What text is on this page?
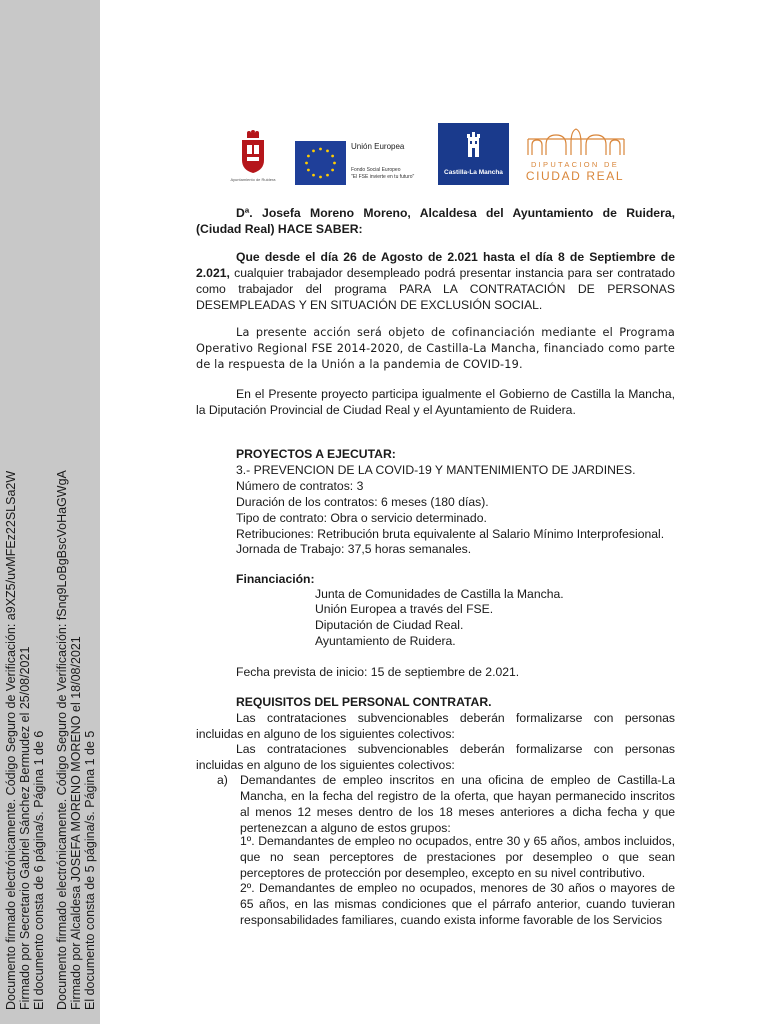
Documento firmado electrónicamente. Código Seguro de Verificación: a9XZ5/uvMFEz22SLSa2W Firmado por Secretario Gabriel Sánchez Bermudez el 25/08/2021 El documento consta de 6 página/s. Página 1 de 6 Documento firmado electrónicamente. Código Seguro de Verificación: fSnq9LoBgBscVoHaGWgA Firmado por Alcaldesa JOSEFA MORENO MORENO el 18/08/2021 El documento consta de 5 página/s. Página 1 de 5
Ayuntamiento de Ruidera
Unión Europea
Fondo Social Europeo
"El FSE invierte en tu futuro"
Castilla-La Mancha
DIPUTACION DE
CIUDAD REAL
Dª. Josefa Moreno Moreno, Alcaldesa del Ayuntamiento de Ruidera, (Ciudad Real) HACE SABER:
Que desde el día 26 de Agosto de 2.021 hasta el día 8 de Septiembre de 2.021, cualquier trabajador desempleado podrá presentar instancia para ser contratado como trabajador del programa PARA LA CONTRATACIÓN DE PERSONAS DESEMPLEADAS Y EN SITUACIÓN DE EXCLUSIÓN SOCIAL.
La presente acción será objeto de cofinanciación mediante el Programa Operativo Regional FSE 2014-2020, de Castilla-La Mancha, financiado como parte de la respuesta de la Unión a la pandemia de COVID-19.
En el Presente proyecto participa igualmente el Gobierno de Castilla la Mancha, la Diputación Provincial de Ciudad Real y el Ayuntamiento de Ruidera.
PROYECTOS A EJECUTAR:
3.- PREVENCION DE LA COVID-19 Y MANTENIMIENTO DE JARDINES.
Número de contratos: 3
Duración de los contratos: 6 meses (180 días).
Tipo de contrato: Obra o servicio determinado.
Retribuciones: Retribución bruta equivalente al Salario Mínimo Interprofesional.
Jornada de Trabajo: 37,5 horas semanales.
Financiación:
Junta de Comunidades de Castilla la Mancha.
Unión Europea a través del FSE.
Diputación de Ciudad Real.
Ayuntamiento de Ruidera.
Fecha prevista de inicio: 15 de septiembre de 2.021.
REQUISITOS DEL PERSONAL CONTRATAR.
Las contrataciones subvencionables deberán formalizarse con personas incluidas en alguno de los siguientes colectivos:
Las contrataciones subvencionables deberán formalizarse con personas incluidas en alguno de los siguientes colectivos:
a) Demandantes de empleo inscritos en una oficina de empleo de Castilla-La Mancha, en la fecha del registro de la oferta, que hayan permanecido inscritos al menos 12 meses dentro de los 18 meses anteriores a dicha fecha y que pertenezcan a alguno de estos grupos:
1º. Demandantes de empleo no ocupados, entre 30 y 65 años, ambos incluidos, que no sean perceptores de prestaciones por desempleo o que sean perceptores de protección por desempleo, excepto en su nivel contributivo.
2º. Demandantes de empleo no ocupados, menores de 30 años o mayores de 65 años, en las mismas condiciones que el párrafo anterior, cuando tuvieran responsabilidades familiares, cuando exista informe favorable de los Servicios
